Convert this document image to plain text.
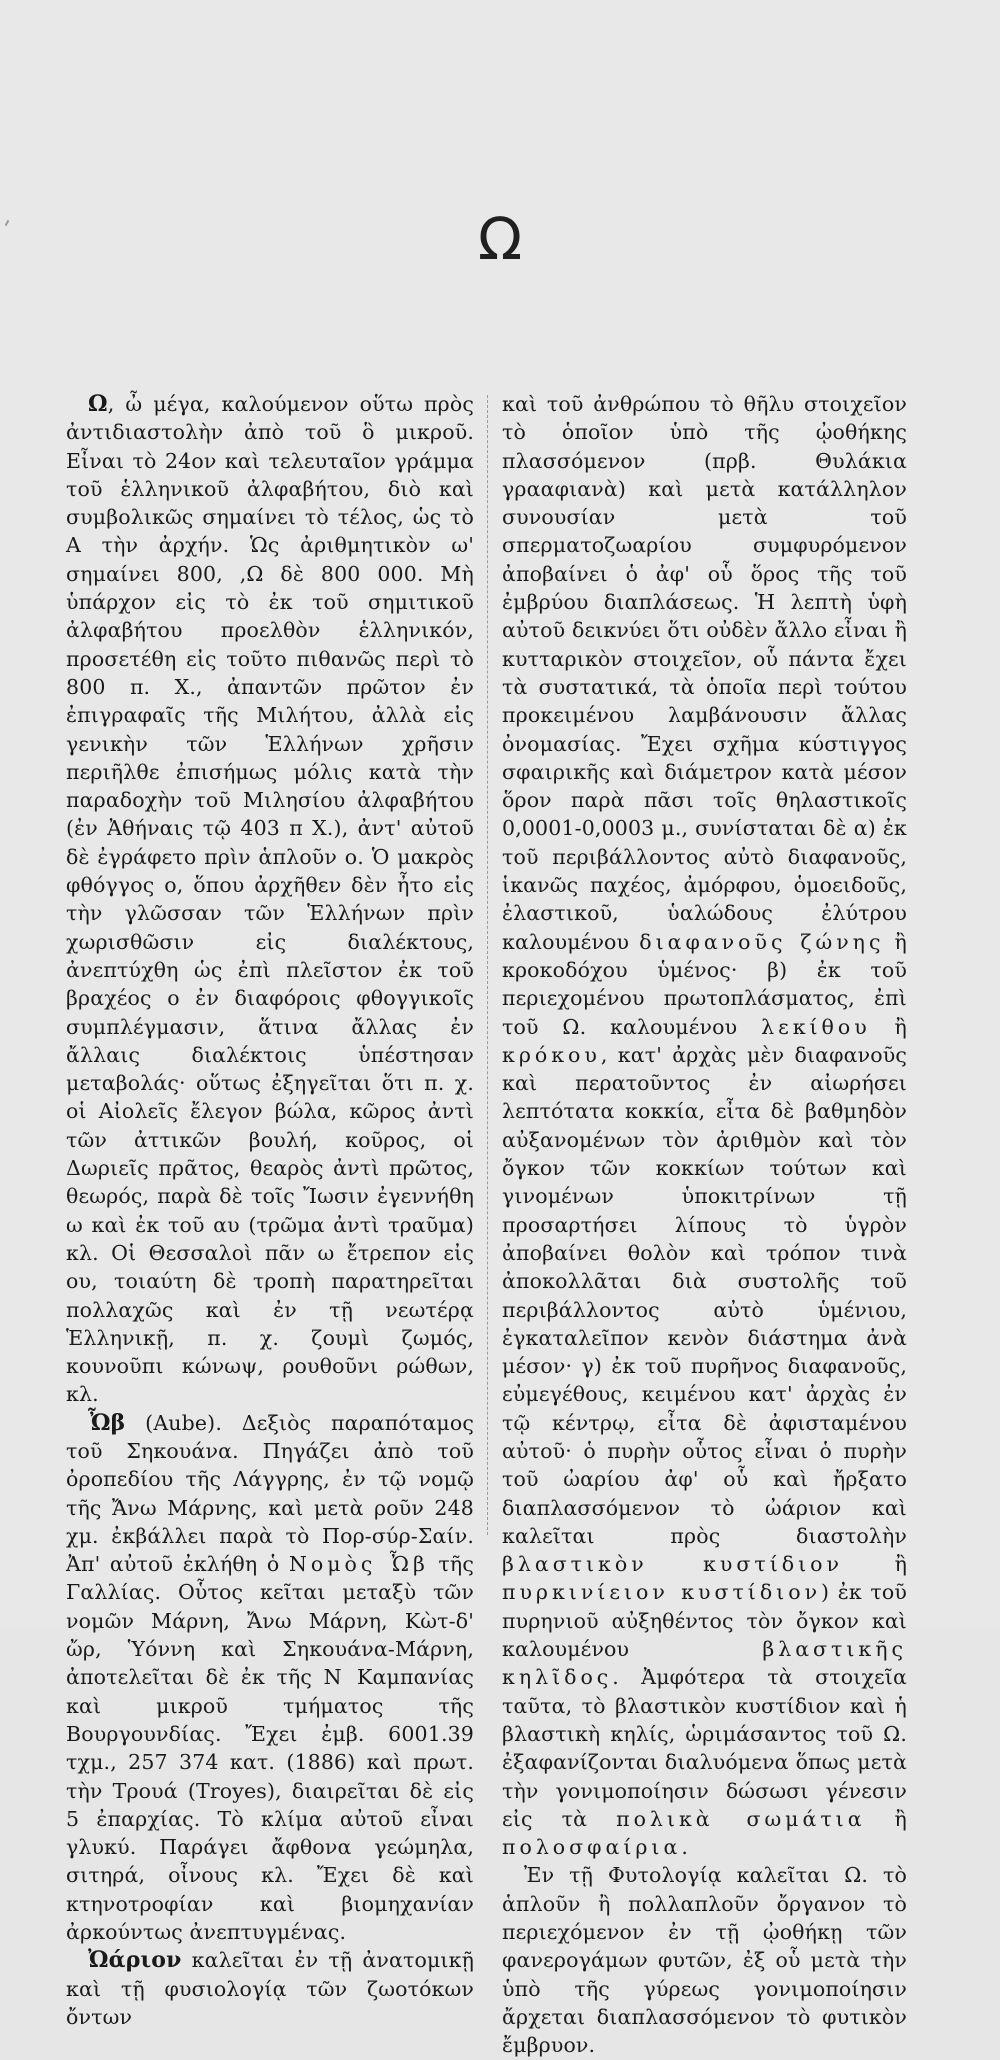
Ω

Ω, ὦ μέγα, καλούμενον οὕτω πρὸς ἀντιδιαστολὴν ἀπὸ τοῦ ὃ μικροῦ. Εἶναι τὸ 24ον καὶ τελευταῖον γράμμα τοῦ ἑλληνικοῦ ἀλφαβήτου, διὸ καὶ συμβολικῶς σημαίνει τὸ τέλος, ὡς τὸ Α τὴν ἀρχήν. Ὡς ἀριθμητικὸν ω' σημαίνει 800, ,Ω δὲ 800 000. Μὴ ὑπάρχον εἰς τὸ ἐκ τοῦ σημιτικοῦ ἀλφαβήτου προελθὸν ἑλληνικόν, προσετέθη εἰς τοῦτο πιθανῶς περὶ τὸ 800 π. Χ., ἀπαντῶν πρῶτον ἐν ἐπιγραφαῖς τῆς Μιλήτου, ἀλλὰ εἰς γενικὴν τῶν Ἑλλήνων χρῆσιν περιῆλθε ἐπισήμως μόλις κατὰ τὴν παραδοχὴν τοῦ Μιλησίου ἀλφαβήτου (ἐν Ἀθήναις τῷ 403 π Χ.), ἀντ' αὐτοῦ δὲ ἐγράφετο πρὶν ἁπλοῦν ο. Ὁ μακρὸς φθόγγος ο, ὅπου ἀρχῆθεν δὲν ἦτο εἰς τὴν γλῶσσαν τῶν Ἑλλήνων πρὶν χωρισθῶσιν εἰς διαλέκτους, ἀνεπτύχθη ὡς ἐπὶ πλεῖστον ἐκ τοῦ βραχέος ο ἐν διαφόροις φθογγικοῖς συμπλέγμασιν, ἅτινα ἄλλας ἐν ἄλλαις διαλέκτοις ὑπέστησαν μεταβολάς· οὕτως ἐξηγεῖται ὅτι π. χ. οἱ Αἰολεῖς ἔλεγον βώλα, κῶρος ἀντὶ τῶν ἀττικῶν βουλή, κοῦρος, οἱ Δωριεῖς πρᾶτος, θεαρὸς ἀντὶ πρῶτος, θεωρός, παρὰ δὲ τοῖς Ἴωσιν ἐγεννήθη ω καὶ ἐκ τοῦ αυ (τρῶμα ἀντὶ τραῦμα) κλ. Οἱ Θεσσαλοὶ πᾶν ω ἔτρεπον εἰς ου, τοιαύτη δὲ τροπὴ παρατηρεῖται πολλαχῶς καὶ ἐν τῇ νεωτέρᾳ Ἑλληνικῇ, π. χ. ζουμὶ ζωμός, κουνοῦπι κώνωψ, ρουθοῦνι ρώθων, κλ.

Ὦβ (Aube). Δεξιὸς παραπόταμος τοῦ Σηκουάνα. Πηγάζει ἀπὸ τοῦ ὀροπεδίου τῆς Λάγγρης, ἐν τῷ νομῷ τῆς Ἄνω Μάρνης, καὶ μετὰ ροῦν 248 χμ. ἐκβάλλει παρὰ τὸ Πορ-σύρ-Σαίν. Ἀπ' αὐτοῦ ἐκλήθη ὁ Νομὸς Ὦβ τῆς Γαλλίας. Οὗτος κεῖται μεταξὺ τῶν νομῶν Μάρνη, Ἄνω Μάρνη, Κὼτ-δ' ὤρ, Ὑόννη καὶ Σηκουάνα-Μάρνη, ἀποτελεῖται δὲ ἐκ τῆς Ν Καμπανίας καὶ μικροῦ τμήματος τῆς Βουργουνδίας. Ἔχει ἐμβ. 6001.39 τχμ., 257 374 κατ. (1886) καὶ πρωτ. τὴν Τρουά (Troyes), διαιρεῖται δὲ εἰς 5 ἐπαρχίας. Τὸ κλίμα αὐτοῦ εἶναι γλυκύ. Παράγει ἄφθονα γεώμηλα, σιτηρά, οἶνους κλ. Ἔχει δὲ καὶ κτηνοτροφίαν καὶ βιομηχανίαν ἀρκούντως ἀνεπτυγμένας.

Ὠάριον καλεῖται ἐν τῇ ἀνατομικῇ καὶ τῇ φυσιολογίᾳ τῶν ζωοτόκων ὄντων

καὶ τοῦ ἀνθρώπου τὸ θῆλυ στοιχεῖον τὸ ὁποῖον ὑπὸ τῆς ᾠοθήκης πλασσόμενον (πρβ. Θυλάκια γρααφιανὰ) καὶ μετὰ κατάλληλον συνουσίαν μετὰ τοῦ σπερματοζωαρίου συμφυρόμενον ἀποβαίνει ὁ ἀφ' οὗ ὅρος τῆς τοῦ ἐμβρύου διαπλάσεως. Ἡ λεπτὴ ὑφὴ αὐτοῦ δεικνύει ὅτι οὐδὲν ἄλλο εἶναι ἢ κυτταρικὸν στοιχεῖον, οὗ πάντα ἔχει τὰ συστατικά, τὰ ὁποῖα περὶ τούτου προκειμένου λαμβάνουσιν ἄλλας ὀνομασίας. Ἔχει σχῆμα κύστιγγος σφαιρικῆς καὶ διάμετρον κατὰ μέσον ὅρον παρὰ πᾶσι τοῖς θηλαστικοῖς 0,0001-0,0003 μ., συνίσταται δὲ α) ἐκ τοῦ περιβάλλοντος αὐτὸ διαφανοῦς, ἱκανῶς παχέος, ἀμόρφου, ὁμοειδοῦς, ἐλαστικοῦ, ὑαλώδους ἐλύτρου καλουμένου διαφανοῦς ζώνης ἢ κροκοδόχου ὑμένος· β) ἐκ τοῦ περιεχομένου πρωτοπλάσματος, ἐπὶ τοῦ Ω. καλουμένου λεκίθου ἢ κρόκου, κατ' ἀρχὰς μὲν διαφανοῦς καὶ περατοῦντος ἐν αἰωρήσει λεπτότατα κοκκία, εἶτα δὲ βαθμηδὸν αὐξανομένων τὸν ἀριθμὸν καὶ τὸν ὄγκον τῶν κοκκίων τούτων καὶ γινομένων ὑποκιτρίνων τῇ προσαρτήσει λίπους τὸ ὑγρὸν ἀποβαίνει θολὸν καὶ τρόπον τινὰ ἀποκολλᾶται διὰ συστολῆς τοῦ περιβάλλοντος αὐτὸ ὑμένιου, ἐγκαταλεῖπον κενὸν διάστημα ἀνὰ μέσον· γ) ἐκ τοῦ πυρῆνος διαφανοῦς, εὐμεγέθους, κειμένου κατ' ἀρχὰς ἐν τῷ κέντρῳ, εἶτα δὲ ἀφισταμένου αὐτοῦ· ὁ πυρὴν οὗτος εἶναι ὁ πυρὴν τοῦ ὠαρίου ἀφ' οὗ καὶ ἤρξατο διαπλασσόμενον τὸ ὠάριον καὶ καλεῖται πρὸς διαστολὴν βλαστικὸν κυστίδιον ἢ πυρκινίειον κυστίδιον) ἐκ τοῦ πυρηνιοῦ αὐξηθέντος τὸν ὄγκον καὶ καλουμένου βλαστικῆς κηλῖδος. Ἀμφότερα τὰ στοιχεῖα ταῦτα, τὸ βλαστικὸν κυστίδιον καὶ ἡ βλαστικὴ κηλίς, ὡριμάσαντος τοῦ Ω. ἐξαφανίζονται διαλυόμενα ὅπως μετὰ τὴν γονιμοποίησιν δώσωσι γένεσιν εἰς τὰ πολικὰ σωμάτια ἢ πολοσφαίρια.

Ἐν τῇ Φυτολογίᾳ καλεῖται Ω. τὸ ἁπλοῦν ἢ πολλαπλοῦν ὄργανον τὸ περιεχόμενον ἐν τῇ ᾠοθήκῃ τῶν φανερογάμων φυτῶν, ἐξ οὗ μετὰ τὴν ὑπὸ τῆς γύρεως γονιμοποίησιν ἄρχεται διαπλασσόμενον τὸ φυτικὸν ἔμβρυον.
